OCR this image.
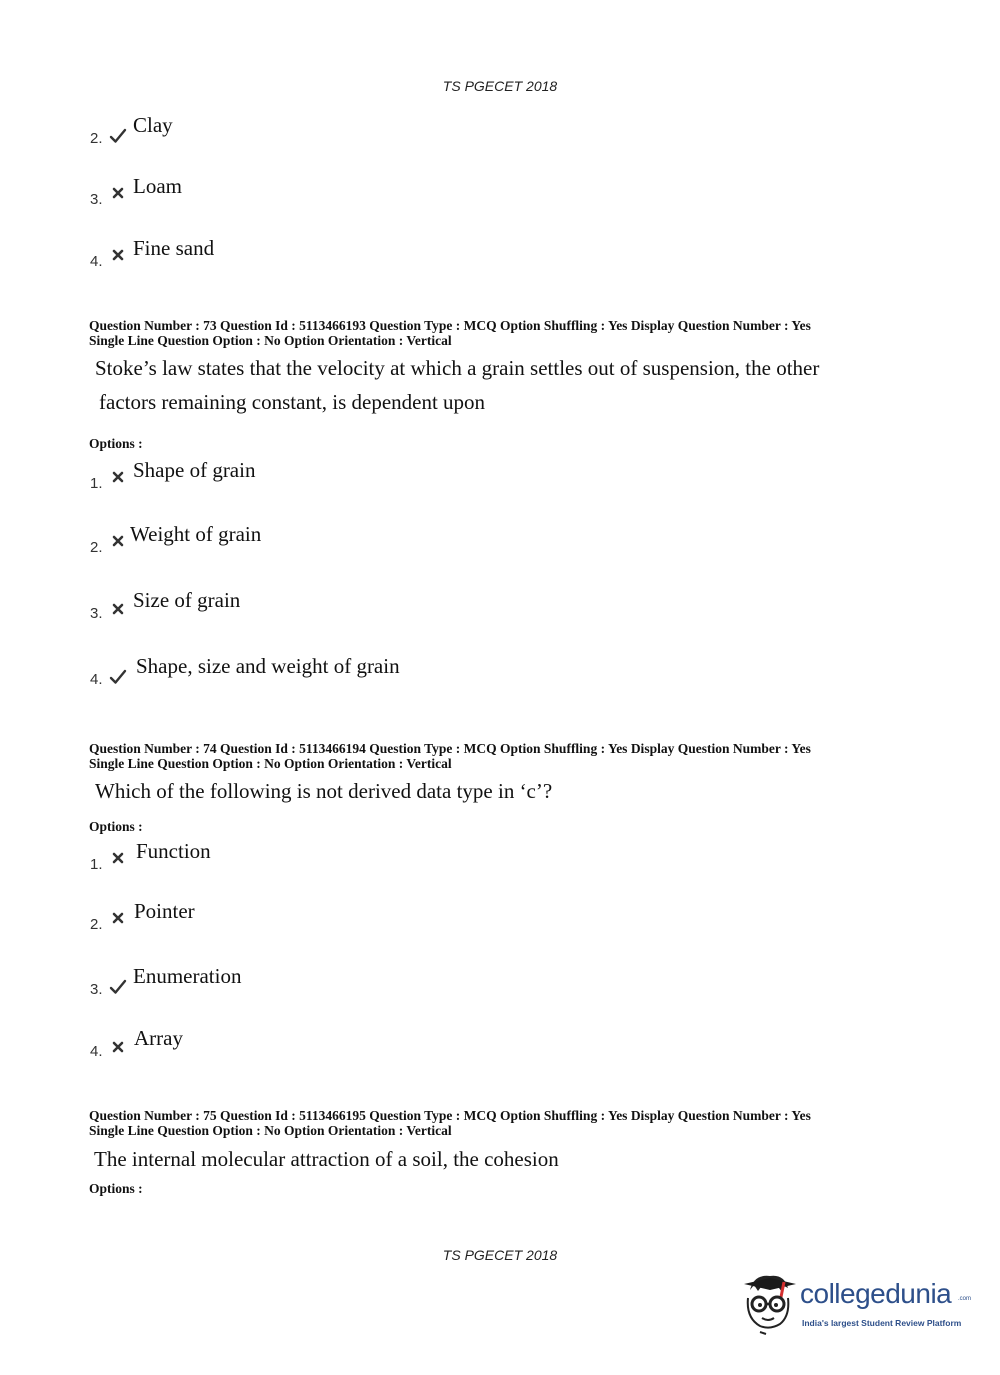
TS PGECET 2018
2.
Clay
3.
Loam
4.
Fine sand
Question Number : 73 Question Id : 5113466193 Question Type : MCQ Option Shuffling : Yes Display Question Number : Yes
Single Line Question Option : No Option Orientation : Vertical
Stoke’s law states that the velocity at which a grain settles out of suspension, the other
factors remaining constant, is dependent upon
Options :
1.
Shape of grain
2.
Weight of grain
3.
Size of grain
4.
Shape, size and weight of grain
Question Number : 74 Question Id : 5113466194 Question Type : MCQ Option Shuffling : Yes Display Question Number : Yes
Single Line Question Option : No Option Orientation : Vertical
Which of the following is not derived data type in ‘c’?
Options :
1.
Function
2.
Pointer
3.
Enumeration
4.
Array
Question Number : 75 Question Id : 5113466195 Question Type : MCQ Option Shuffling : Yes Display Question Number : Yes
Single Line Question Option : No Option Orientation : Vertical
The internal molecular attraction of a soil, the cohesion
Options :
TS PGECET 2018
collegedunia .com
India's largest Student Review Platform
